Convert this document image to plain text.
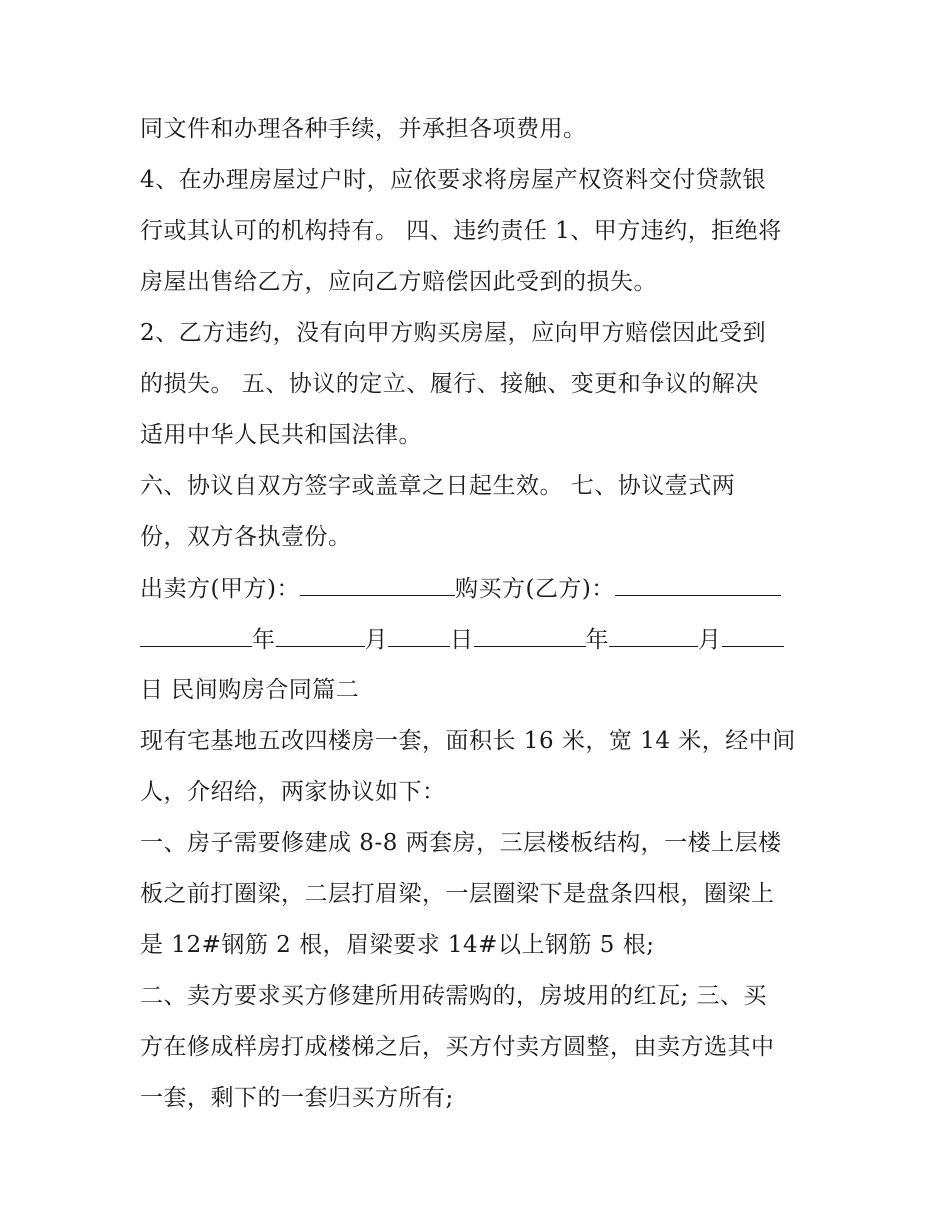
同文件和办理各种手续，并承担各项费用。
4、在办理房屋过户时，应依要求将房屋产权资料交付贷款银
行或其认可的机构持有。 四、违约责任 1、甲方违约，拒绝将
房屋出售给乙方，应向乙方赔偿因此受到的损失。
2、乙方违约，没有向甲方购买房屋，应向甲方赔偿因此受到
的损失。 五、协议的定立、履行、接触、变更和争议的解决
适用中华人民共和国法律。
六、协议自双方签字或盖章之日起生效。 七、协议壹式两
份，双方各执壹份。
出卖方(甲方)：	购买方(乙方)：
年	月	日	年	月
日 民间购房合同篇二
现有宅基地五改四楼房一套，面积长 16 米，宽 14 米，经中间
人，介绍给，两家协议如下：
一、房子需要修建成 8-8 两套房，三层楼板结构，一楼上层楼
板之前打圈梁，二层打眉梁，一层圈梁下是盘条四根，圈梁上
是 12#钢筋 2 根，眉梁要求 14#以上钢筋 5 根;
二、卖方要求买方修建所用砖需购的，房坡用的红瓦; 三、买
方在修成样房打成楼梯之后，买方付卖方圆整，由卖方选其中
一套，剩下的一套归买方所有;
